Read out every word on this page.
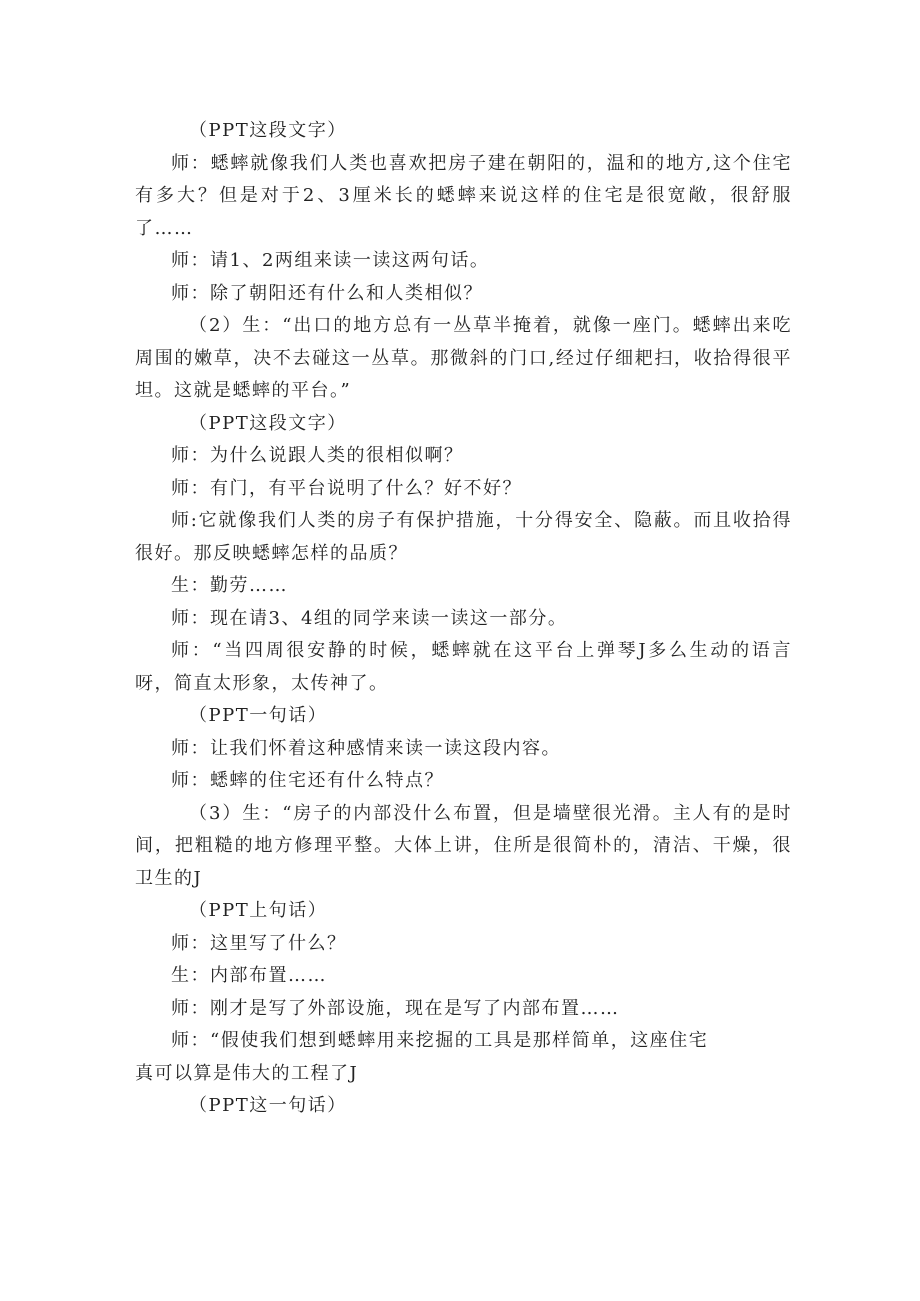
（PPT这段文字）

师：蟋蟀就像我们人类也喜欢把房子建在朝阳的，温和的地方,这个住宅有多大？但是对于2、3厘米长的蟋蟀来说这样的住宅是很宽敞，很舒服了……

师：请1、2两组来读一读这两句话。

师：除了朝阳还有什么和人类相似？

（2）生：“出口的地方总有一丛草半掩着，就像一座门。蟋蟀出来吃周围的嫩草，决不去碰这一丛草。那微斜的门口,经过仔细耙扫，收拾得很平坦。这就是蟋蟀的平台。”

（PPT这段文字）

师：为什么说跟人类的很相似啊？

师：有门，有平台说明了什么？好不好？

师:它就像我们人类的房子有保护措施，十分得安全、隐蔽。而且收拾得很好。那反映蟋蟀怎样的品质？

生：勤劳……

师：现在请3、4组的同学来读一读这一部分。

师：“当四周很安静的时候，蟋蟀就在这平台上弹琴J多么生动的语言呀，简直太形象，太传神了。

（PPT一句话）

师：让我们怀着这种感情来读一读这段内容。

师：蟋蟀的住宅还有什么特点？

（3）生：“房子的内部没什么布置，但是墙壁很光滑。主人有的是时间，把粗糙的地方修理平整。大体上讲，住所是很简朴的，清洁、干燥，很卫生的J

（PPT上句话）

师：这里写了什么？

生：内部布置……

师：刚才是写了外部设施，现在是写了内部布置……

师：“假使我们想到蟋蟀用来挖掘的工具是那样简单，这座住宅

真可以算是伟大的工程了J

（PPT这一句话）
